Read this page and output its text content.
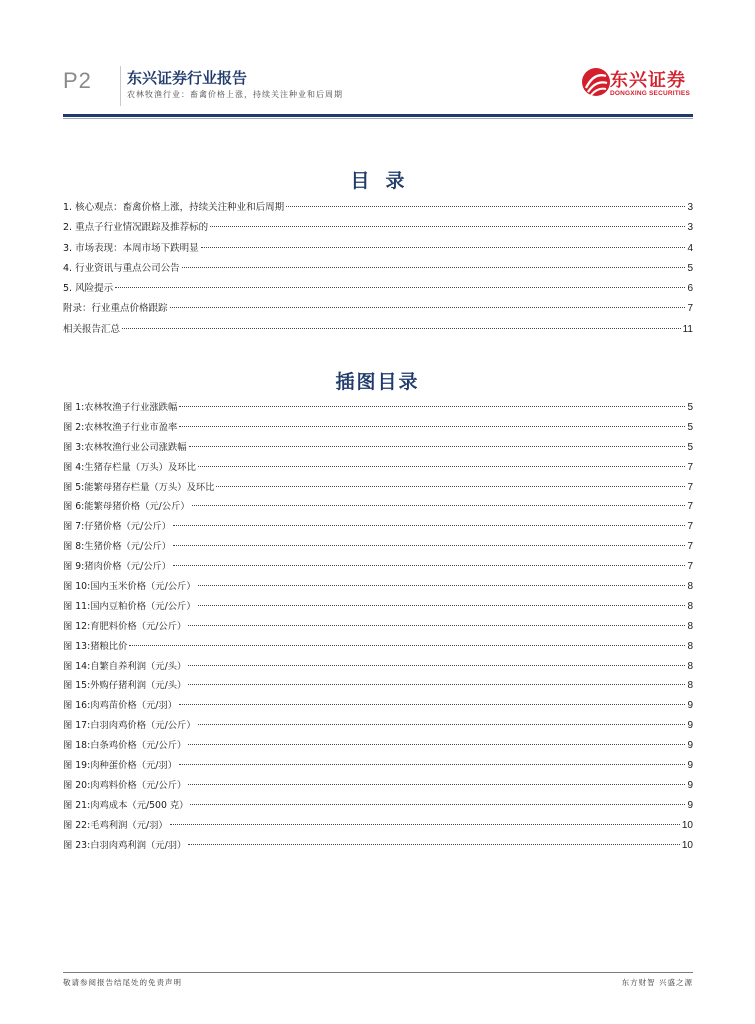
P2 东兴证券行业报告
农林牧渔行业：畜禽价格上涨，持续关注种业和后周期
东兴证券
DONGXING SECURITIES
目录
1. 核心观点：畜禽价格上涨，持续关注种业和后周期	3
2. 重点子行业情况跟踪及推荐标的	3
3. 市场表现：本周市场下跌明显	4
4. 行业资讯与重点公司公告	5
5. 风险提示	6
附录：行业重点价格跟踪	7
相关报告汇总	11
插图目录
图 1:农林牧渔子行业涨跌幅	5
图 2:农林牧渔子行业市盈率	5
图 3:农林牧渔行业公司涨跌幅	5
图 4:生猪存栏量（万头）及环比	7
图 5:能繁母猪存栏量（万头）及环比	7
图 6:能繁母猪价格（元/公斤）	7
图 7:仔猪价格（元/公斤）	7
图 8:生猪价格（元/公斤）	7
图 9:猪肉价格（元/公斤）	7
图 10:国内玉米价格（元/公斤）	8
图 11:国内豆粕价格（元/公斤）	8
图 12:育肥料价格（元/公斤）	8
图 13:猪粮比价	8
图 14:自繁自养利润（元/头）	8
图 15:外购仔猪利润（元/头）	8
图 16:肉鸡苗价格（元/羽）	9
图 17:白羽肉鸡价格（元/公斤）	9
图 18:白条鸡价格（元/公斤）	9
图 19:肉种蛋价格（元/羽）	9
图 20:肉鸡料价格（元/公斤）	9
图 21:肉鸡成本（元/500 克）	9
图 22:毛鸡利润（元/羽）	10
图 23:白羽肉鸡利润（元/羽）	10
敬请参阅报告结尾处的免责声明	东方财智 兴盛之源
